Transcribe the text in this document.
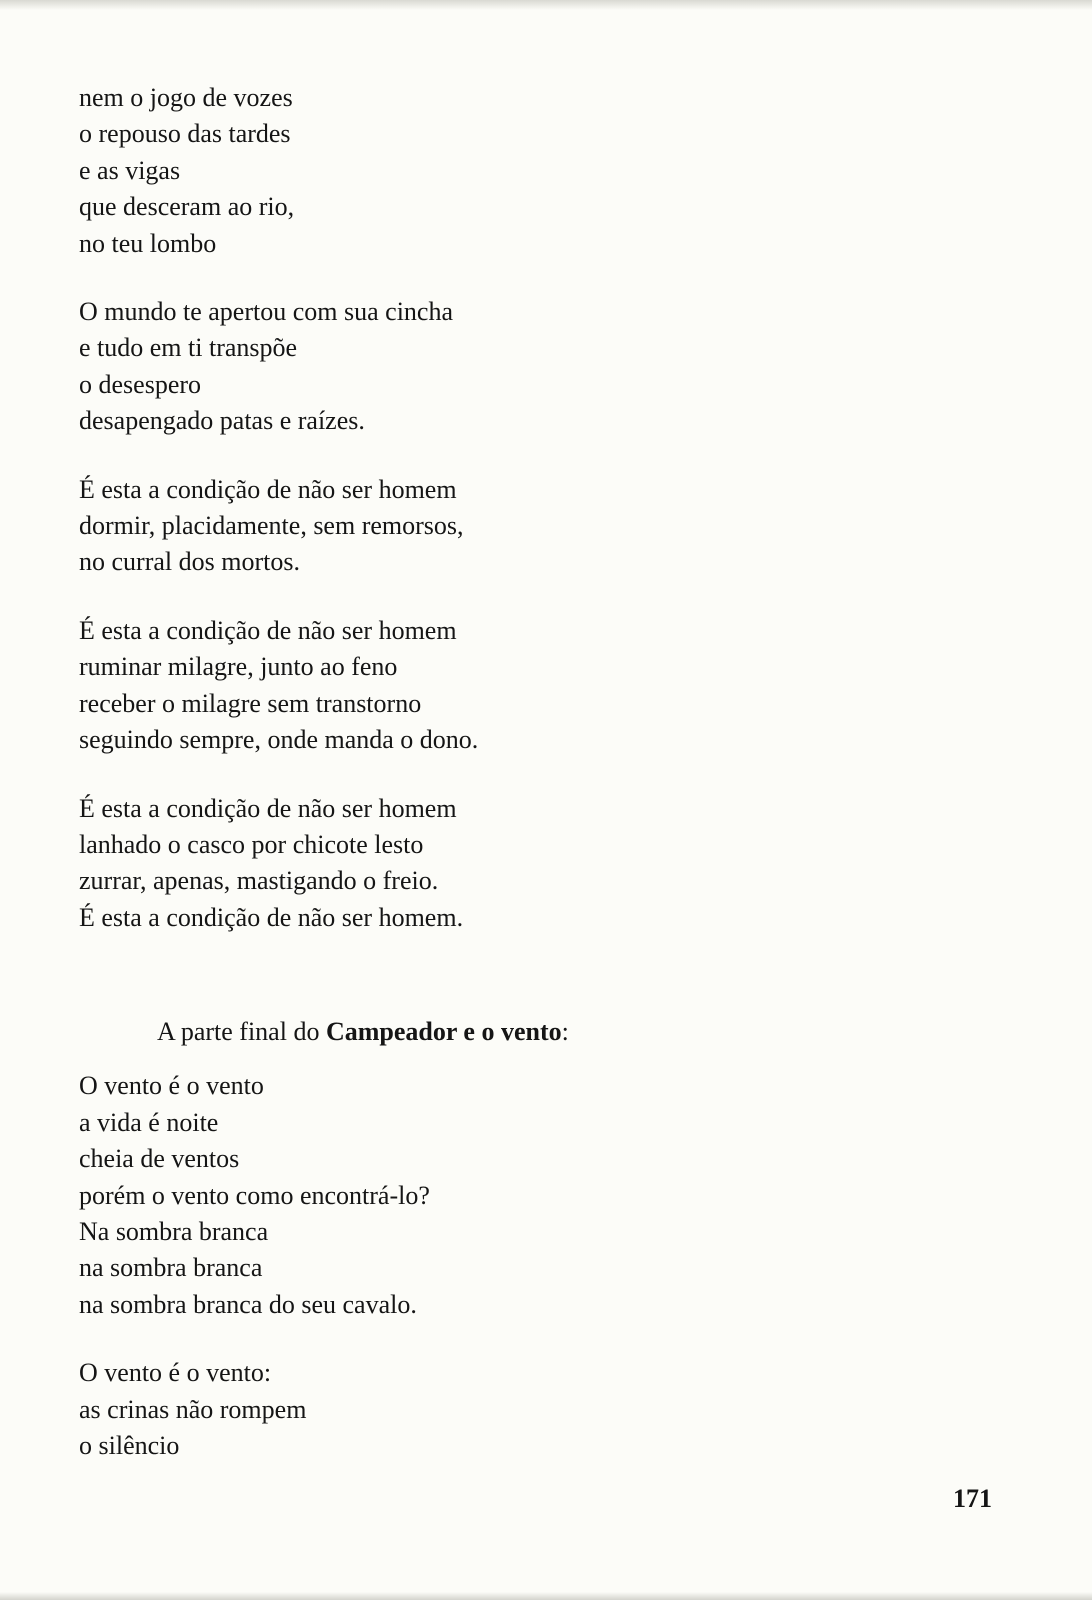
nem o jogo de vozes
o repouso das tardes
e as vigas
que desceram ao rio,
no teu lombo
O mundo te apertou com sua cincha
e tudo em ti transpõe
o desespero
desapengado patas e raízes.
É esta a condição de não ser homem
dormir, placidamente, sem remorsos,
no curral dos mortos.
É esta a condição de não ser homem
ruminar milagre, junto ao feno
receber o milagre sem transtorno
seguindo sempre, onde manda o dono.
É esta a condição de não ser homem
lanhado o casco por chicote lesto
zurrar, apenas, mastigando o freio.
É esta a condição de não ser homem.
A parte final do Campeador e o vento:
O vento é o vento
a vida é noite
cheia de ventos
porém o vento como encontrá-lo?
Na sombra branca
na sombra branca
na sombra branca do seu cavalo.
O vento é o vento:
as crinas não rompem
o silêncio
171
